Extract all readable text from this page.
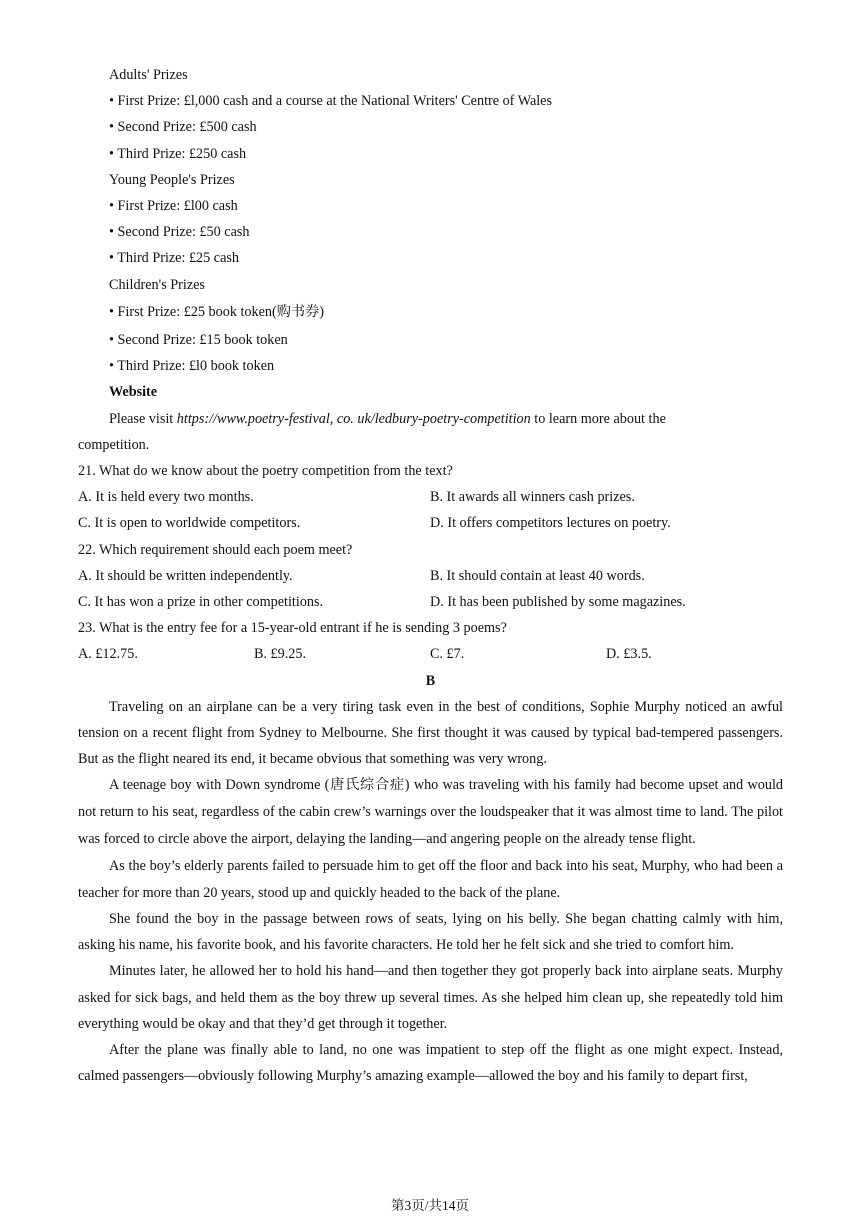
Adults' Prizes
• First Prize: £l,000 cash and a course at the National Writers' Centre of Wales
• Second Prize: £500 cash
• Third Prize: £250 cash
Young People's Prizes
• First Prize: £l00 cash
• Second Prize: £50 cash
• Third Prize: £25 cash
Children's Prizes
• First Prize: £25 book token(购书券)
• Second Prize: £15 book token
• Third Prize: £l0 book token
Website
Please visit https://www.poetry-festival, co. uk/ledbury-poetry-competition to learn more about the
competition.
21. What do we know about the poetry competition from the text?
A. It is held every two months.	B. It awards all winners cash prizes.
C. It is open to worldwide competitors.	D. It offers competitors lectures on poetry.
22. Which requirement should each poem meet?
A. It should be written independently.	B. It should contain at least 40 words.
C. It has won a prize in other competitions.	D. It has been published by some magazines.
23. What is the entry fee for a 15-year-old entrant if he is sending 3 poems?
A. £12.75.	B. £9.25.	C. £7.	D. £3.5.
B
Traveling on an airplane can be a very tiring task even in the best of conditions, Sophie Murphy noticed an awful tension on a recent flight from Sydney to Melbourne. She first thought it was caused by typical bad-tempered passengers. But as the flight neared its end, it became obvious that something was very wrong.
A teenage boy with Down syndrome (唐氏综合症) who was traveling with his family had become upset and would not return to his seat, regardless of the cabin crew’s warnings over the loudspeaker that it was almost time to land. The pilot was forced to circle above the airport, delaying the landing—and angering people on the already tense flight.
As the boy’s elderly parents failed to persuade him to get off the floor and back into his seat, Murphy, who had been a teacher for more than 20 years, stood up and quickly headed to the back of the plane.
She found the boy in the passage between rows of seats, lying on his belly. She began chatting calmly with him, asking his name, his favorite book, and his favorite characters. He told her he felt sick and she tried to comfort him.
Minutes later, he allowed her to hold his hand—and then together they got properly back into airplane seats. Murphy asked for sick bags, and held them as the boy threw up several times. As she helped him clean up, she repeatedly told him everything would be okay and that they’d get through it together.
After the plane was finally able to land, no one was impatient to step off the flight as one might expect. Instead, calmed passengers—obviously following Murphy’s amazing example—allowed the boy and his family to depart first,
第3页/共14页
